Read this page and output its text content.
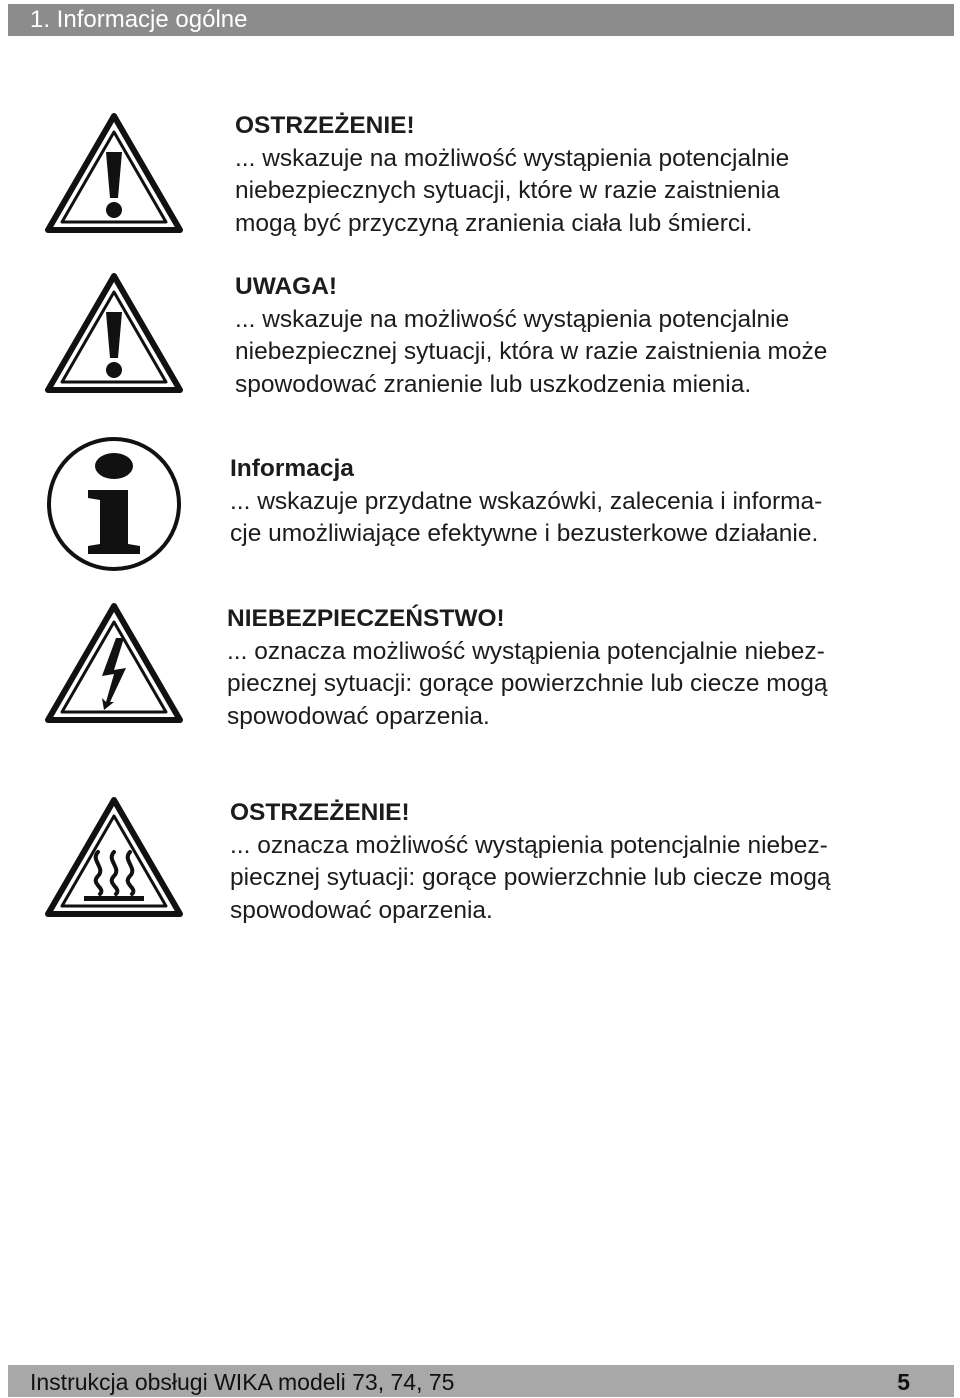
1. Informacje ogólne
OSTRZEŻENIE!
... wskazuje na możliwość wystąpienia potencjalnie
niebezpiecznych sytuacji, które w razie zaistnienia
mogą być przyczyną zranienia ciała lub śmierci.
UWAGA!
... wskazuje na możliwość wystąpienia potencjalnie
niebezpiecznej sytuacji, która w razie zaistnienia może
spowodować zranienie lub uszkodzenia mienia.
Informacja
... wskazuje przydatne wskazówki, zalecenia i informa-
cje umożliwiające efektywne i bezusterkowe działanie.
NIEBEZPIECZEŃSTWO!
... oznacza możliwość wystąpienia potencjalnie niebez-
piecznej sytuacji: gorące powierzchnie lub ciecze mogą
spowodować oparzenia.
OSTRZEŻENIE!
... oznacza możliwość wystąpienia potencjalnie niebez-
piecznej sytuacji: gorące powierzchnie lub ciecze mogą
spowodować oparzenia.
Instrukcja obsługi WIKA modeli 73, 74, 75	5
